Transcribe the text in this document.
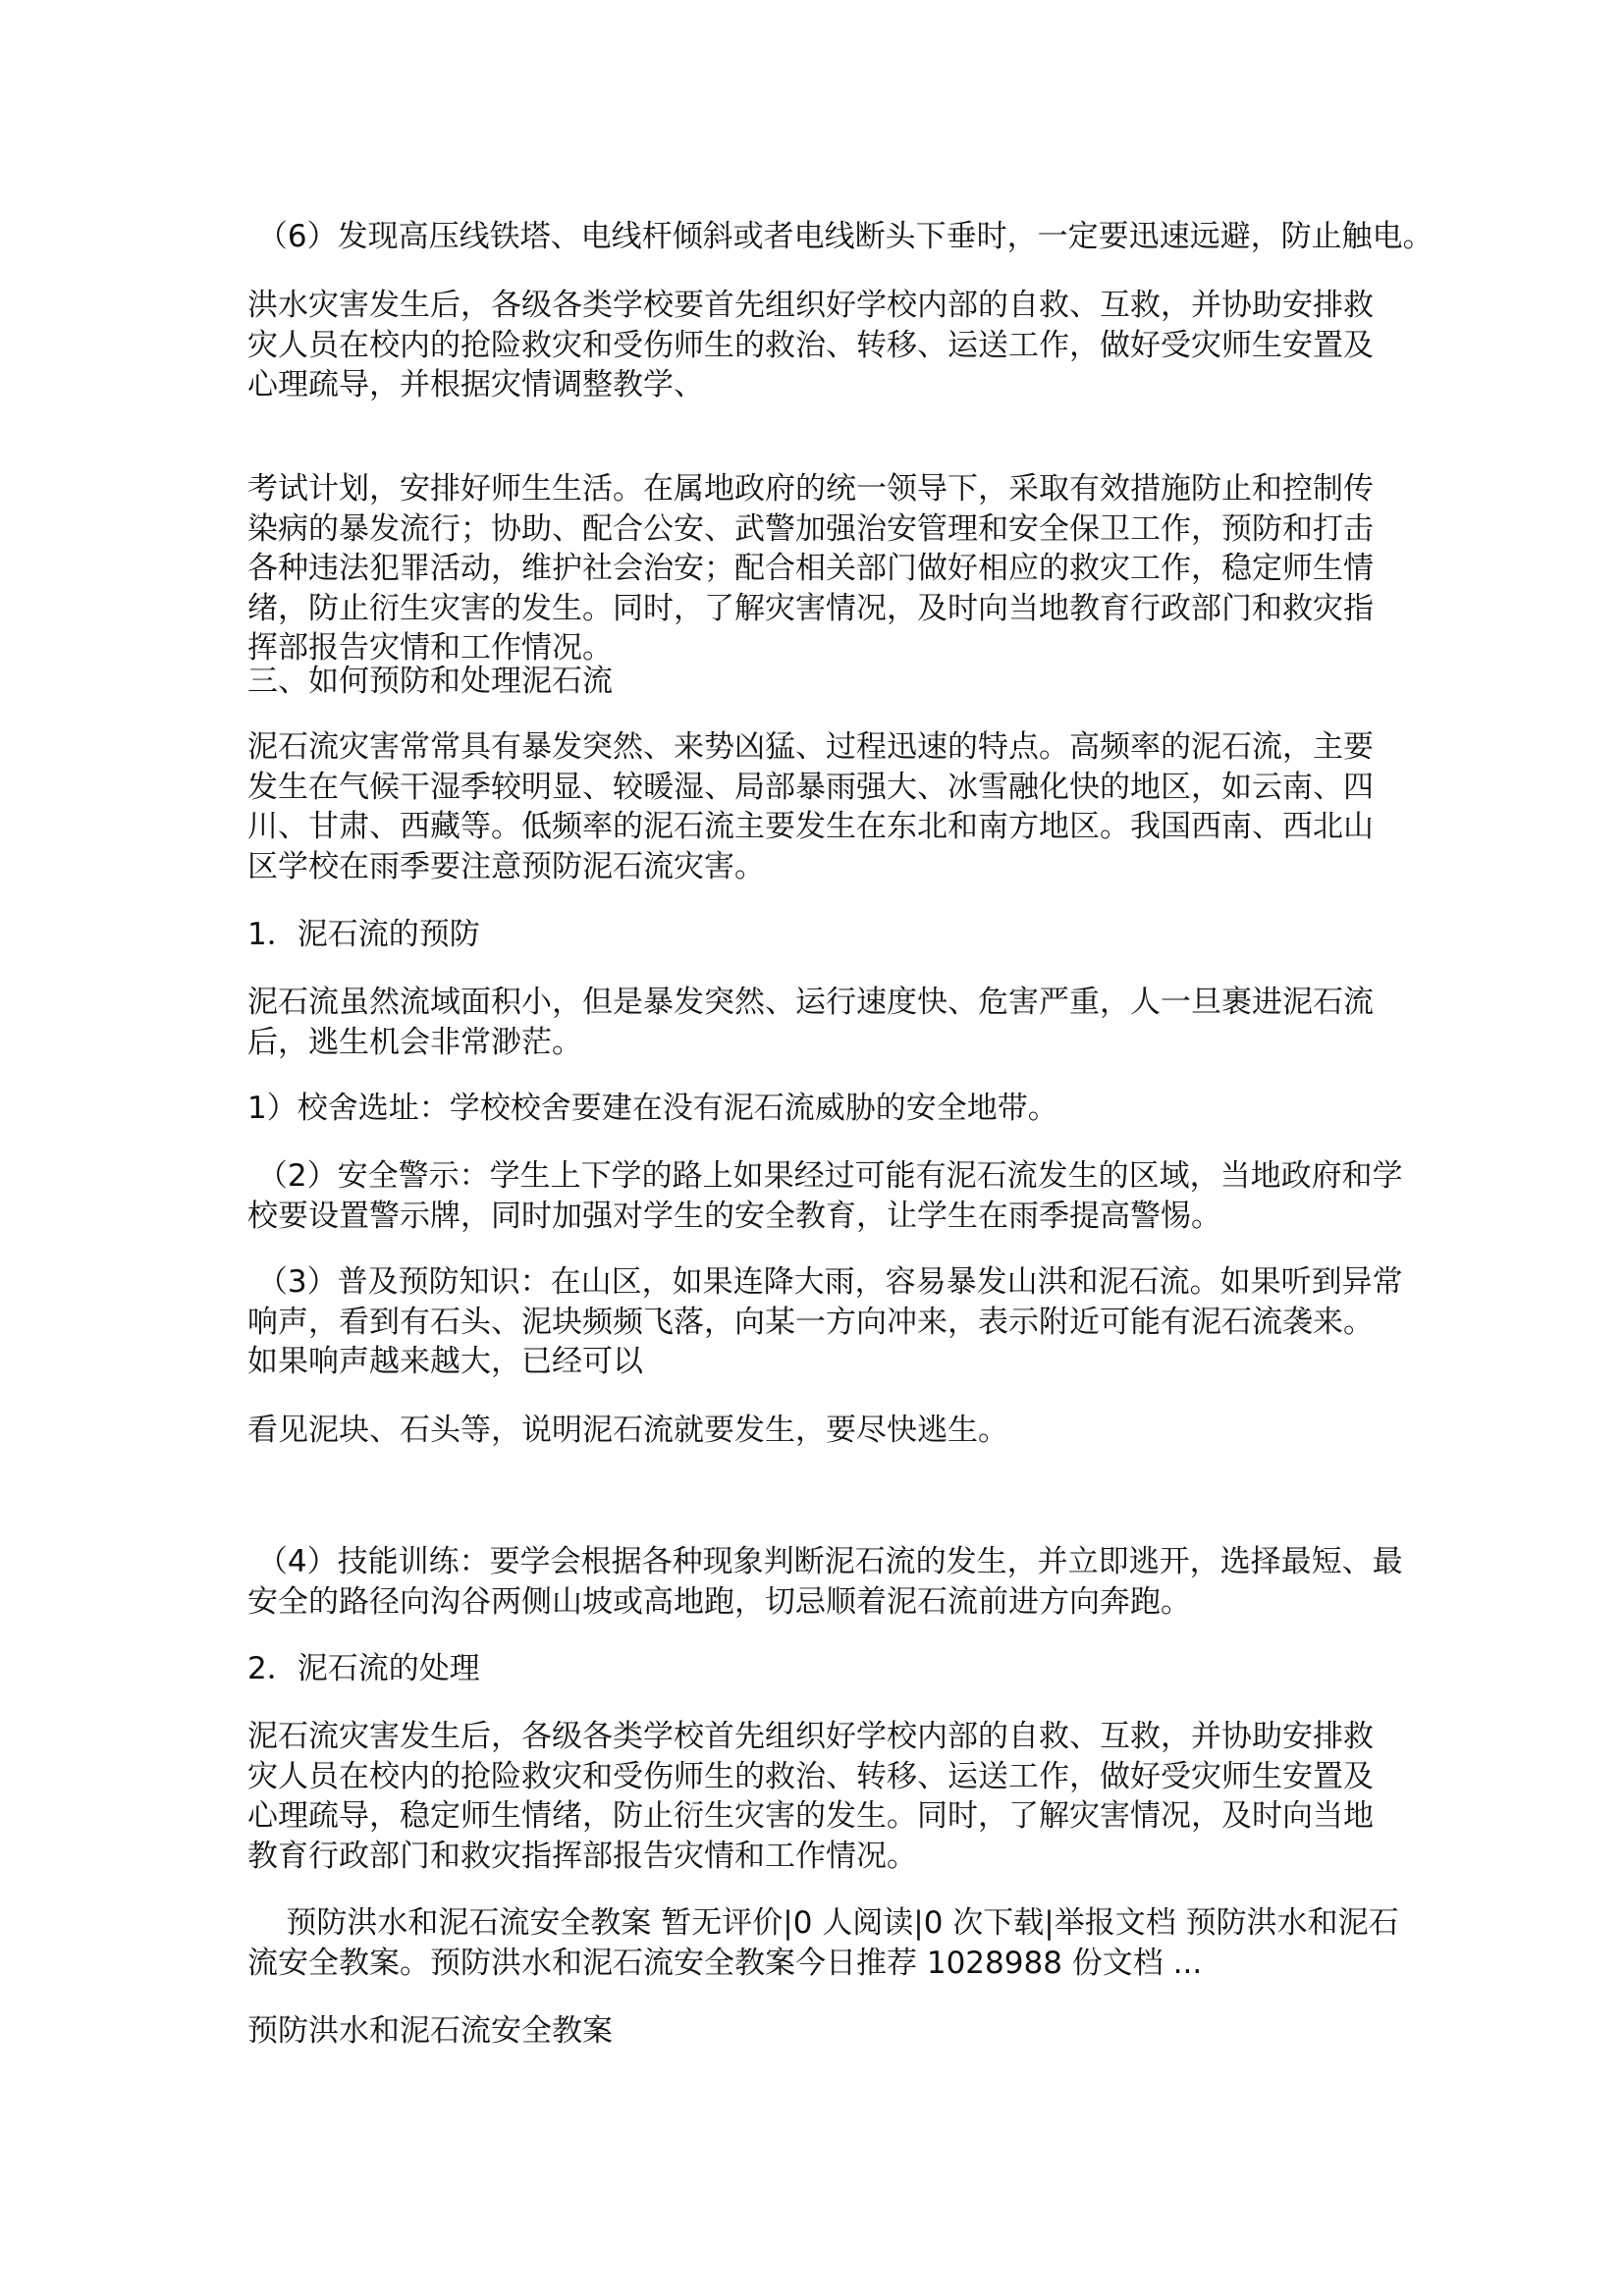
（6）发现高压线铁塔、电线杆倾斜或者电线断头下垂时，一定要迅速远避，防止触电。
洪水灾害发生后，各级各类学校要首先组织好学校内部的自救、互救，并协助安排救
灾人员在校内的抢险救灾和受伤师生的救治、转移、运送工作，做好受灾师生安置及
心理疏导，并根据灾情调整教学、
考试计划，安排好师生生活。在属地政府的统一领导下，采取有效措施防止和控制传
染病的暴发流行；协助、配合公安、武警加强治安管理和安全保卫工作，预防和打击
各种违法犯罪活动，维护社会治安；配合相关部门做好相应的救灾工作，稳定师生情
绪，防止衍生灾害的发生。同时，了解灾害情况，及时向当地教育行政部门和救灾指
挥部报告灾情和工作情况。
三、如何预防和处理泥石流
泥石流灾害常常具有暴发突然、来势凶猛、过程迅速的特点。高频率的泥石流，主要
发生在气候干湿季较明显、较暖湿、局部暴雨强大、冰雪融化快的地区，如云南、四
川、甘肃、西藏等。低频率的泥石流主要发生在东北和南方地区。我国西南、西北山
区学校在雨季要注意预防泥石流灾害。
1．泥石流的预防
泥石流虽然流域面积小，但是暴发突然、运行速度快、危害严重，人一旦裹进泥石流
后，逃生机会非常渺茫。
1）校舍选址：学校校舍要建在没有泥石流威胁的安全地带。
（2）安全警示：学生上下学的路上如果经过可能有泥石流发生的区域，当地政府和学
校要设置警示牌，同时加强对学生的安全教育，让学生在雨季提高警惕。
（3）普及预防知识：在山区，如果连降大雨，容易暴发山洪和泥石流。如果听到异常
响声，看到有石头、泥块频频飞落，向某一方向冲来，表示附近可能有泥石流袭来。
如果响声越来越大，已经可以
看见泥块、石头等，说明泥石流就要发生，要尽快逃生。
（4）技能训练：要学会根据各种现象判断泥石流的发生，并立即逃开，选择最短、最
安全的路径向沟谷两侧山坡或高地跑，切忌顺着泥石流前进方向奔跑。
2．泥石流的处理
泥石流灾害发生后，各级各类学校首先组织好学校内部的自救、互救，并协助安排救
灾人员在校内的抢险救灾和受伤师生的救治、转移、运送工作，做好受灾师生安置及
心理疏导，稳定师生情绪，防止衍生灾害的发生。同时，了解灾害情况，及时向当地
教育行政部门和救灾指挥部报告灾情和工作情况。
预防洪水和泥石流安全教案 暂无评价|0 人阅读|0 次下载|举报文档 预防洪水和泥石
流安全教案。预防洪水和泥石流安全教案今日推荐 1028988 份文档 ...
预防洪水和泥石流安全教案
